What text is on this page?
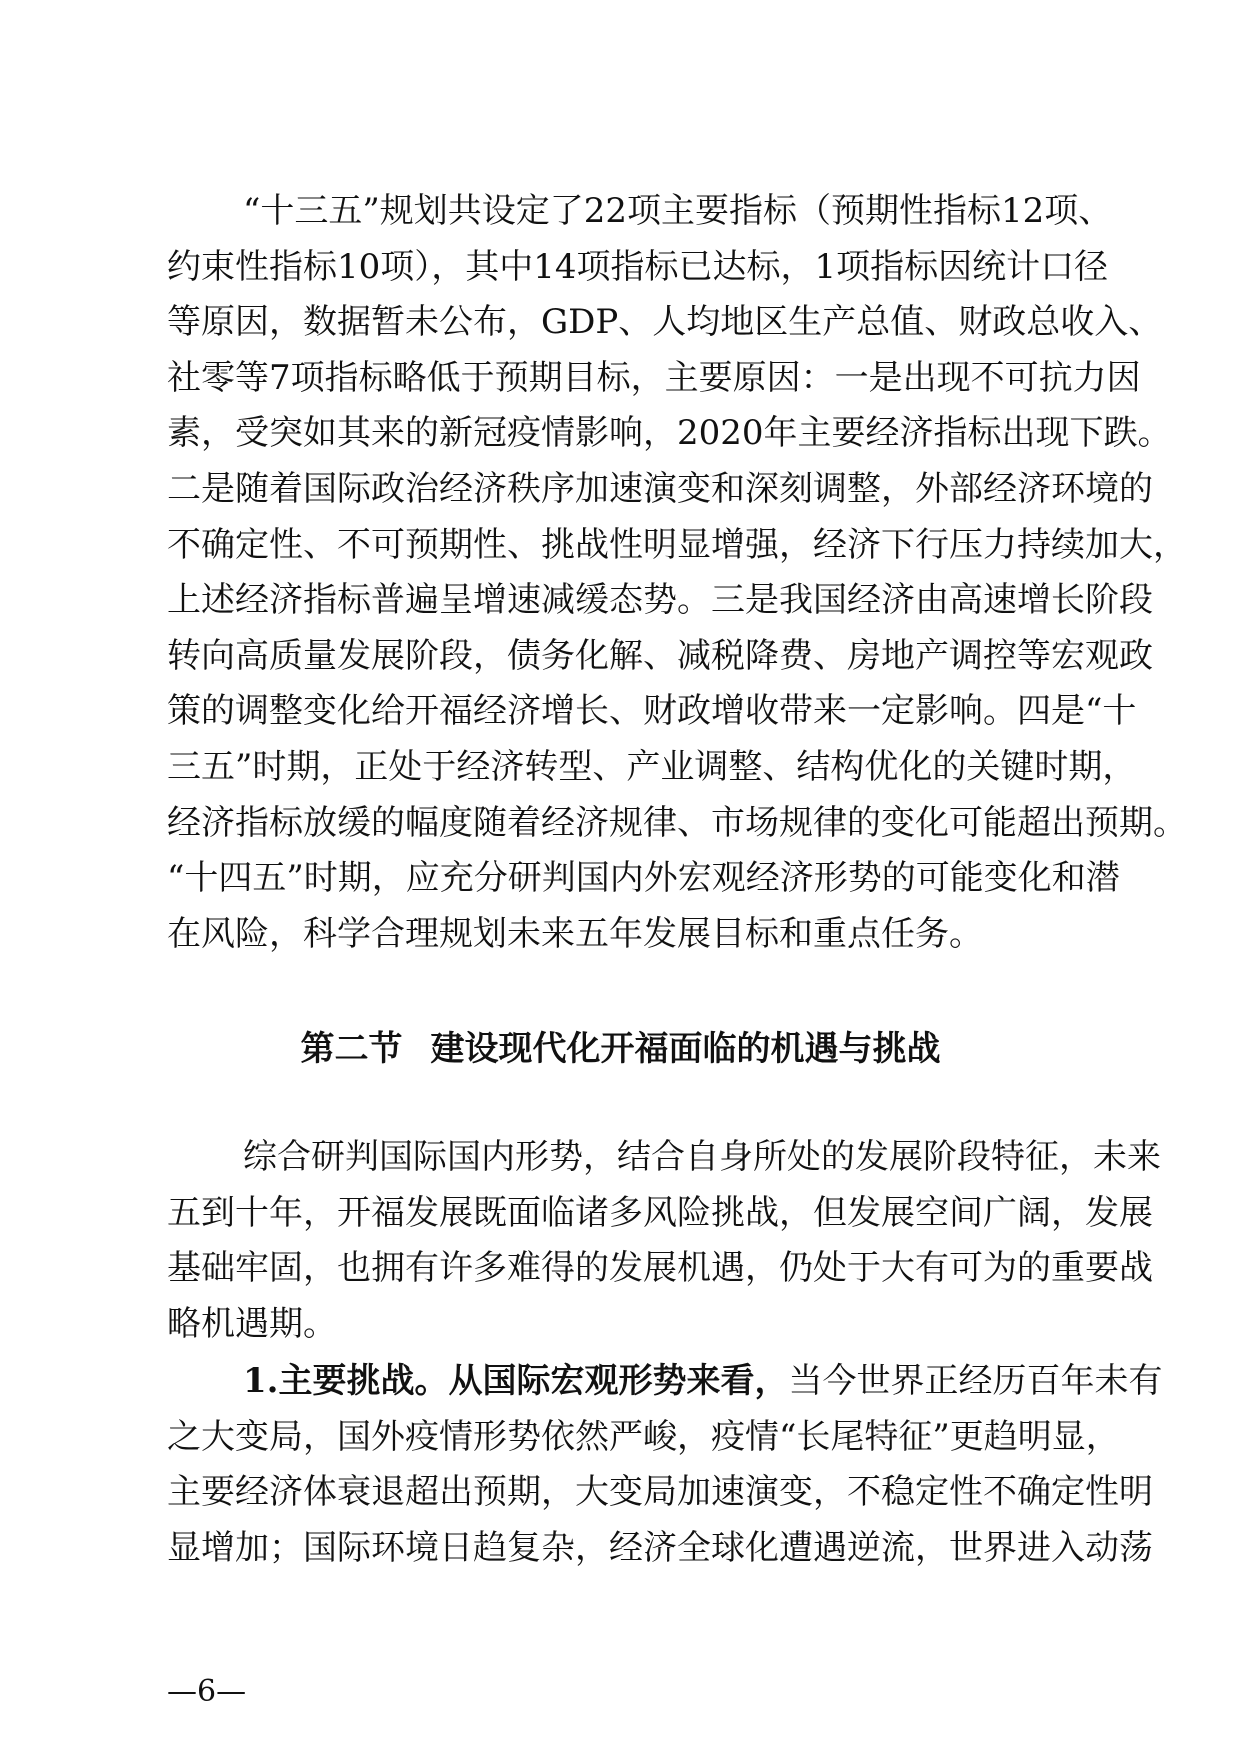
“十三五”规划共设定了22项主要指标（预期性指标12项、
约束性指标10项），其中14项指标已达标，1项指标因统计口径
等原因，数据暂未公布，GDP、人均地区生产总值、财政总收入、
社零等7项指标略低于预期目标，主要原因：一是出现不可抗力因
素，受突如其来的新冠疫情影响，2020年主要经济指标出现下跌。
二是随着国际政治经济秩序加速演变和深刻调整，外部经济环境的
不确定性、不可预期性、挑战性明显增强，经济下行压力持续加大，
上述经济指标普遍呈增速减缓态势。三是我国经济由高速增长阶段
转向高质量发展阶段，债务化解、减税降费、房地产调控等宏观政
策的调整变化给开福经济增长、财政增收带来一定影响。四是“十
三五”时期，正处于经济转型、产业调整、结构优化的关键时期，
经济指标放缓的幅度随着经济规律、市场规律的变化可能超出预期。
“十四五”时期，应充分研判国内外宏观经济形势的可能变化和潜
在风险，科学合理规划未来五年发展目标和重点任务。
第二节 建设现代化开福面临的机遇与挑战
综合研判国际国内形势，结合自身所处的发展阶段特征，未来
五到十年，开福发展既面临诸多风险挑战，但发展空间广阔，发展
基础牢固，也拥有许多难得的发展机遇，仍处于大有可为的重要战
略机遇期。
1.主要挑战。从国际宏观形势来看，当今世界正经历百年未有
之大变局，国外疫情形势依然严峻，疫情“长尾特征”更趋明显，
主要经济体衰退超出预期，大变局加速演变，不稳定性不确定性明
显增加；国际环境日趋复杂，经济全球化遭遇逆流，世界进入动荡
—6—
